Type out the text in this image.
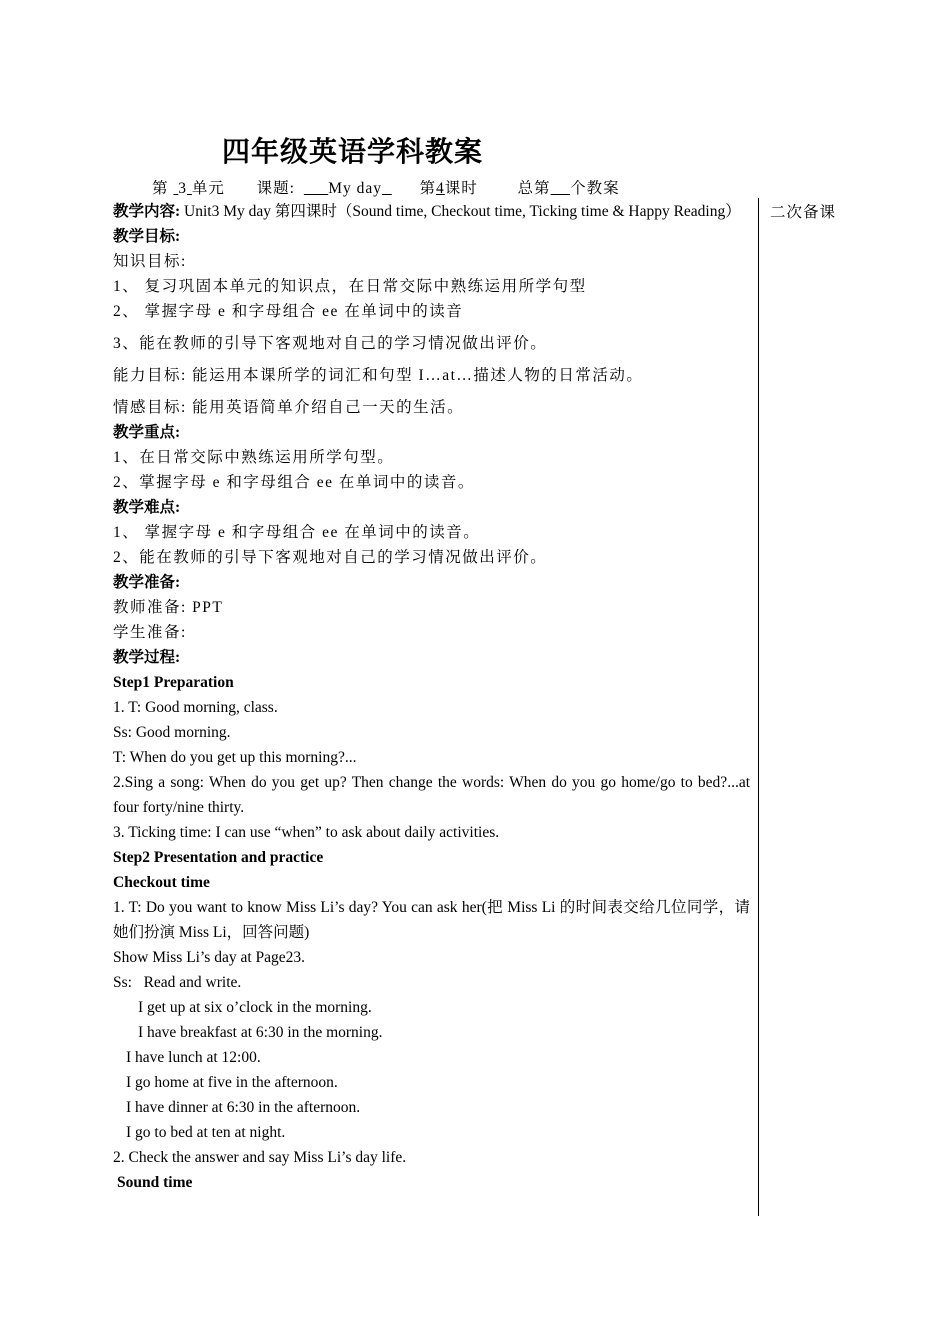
四年级英语学科教案
第 3 单元 课题: My day 第4课时	总第 个教案
二次备课
教学内容: Unit3 My day 第四课时（Sound time, Checkout time, Ticking time & Happy Reading）
教学目标:
知识目标:
1、 复习巩固本单元的知识点，在日常交际中熟练运用所学句型
2、 掌握字母 e 和字母组合 ee 在单词中的读音
3、能在教师的引导下客观地对自己的学习情况做出评价。
能力目标: 能运用本课所学的词汇和句型 I…at…描述人物的日常活动。
情感目标: 能用英语简单介绍自己一天的生活。
教学重点:
1、在日常交际中熟练运用所学句型。
2、掌握字母 e 和字母组合 ee 在单词中的读音。
教学难点:
1、 掌握字母 e 和字母组合 ee 在单词中的读音。
2、能在教师的引导下客观地对自己的学习情况做出评价。
教学准备:
教师准备: PPT
学生准备:
教学过程:
Step1 Preparation
1. T: Good morning, class.
Ss: Good morning.
T: When do you get up this morning?...
2.Sing a song: When do you get up? Then change the words: When do you go home/go to bed?...at four forty/nine thirty.
3. Ticking time: I can use “when” to ask about daily activities.
Step2 Presentation and practice
Checkout time
1. T: Do you want to know Miss Li’s day? You can ask her(把 Miss Li 的时间表交给几位同学，请她们扮演 Miss Li，回答问题)
Show Miss Li’s day at Page23.
Ss:   Read and write.
I get up at six o’clock in the morning.
I have breakfast at 6:30 in the morning.
I have lunch at 12:00.
I go home at five in the afternoon.
I have dinner at 6:30 in the afternoon.
I go to bed at ten at night.
2. Check the answer and say Miss Li’s day life.
Sound time
